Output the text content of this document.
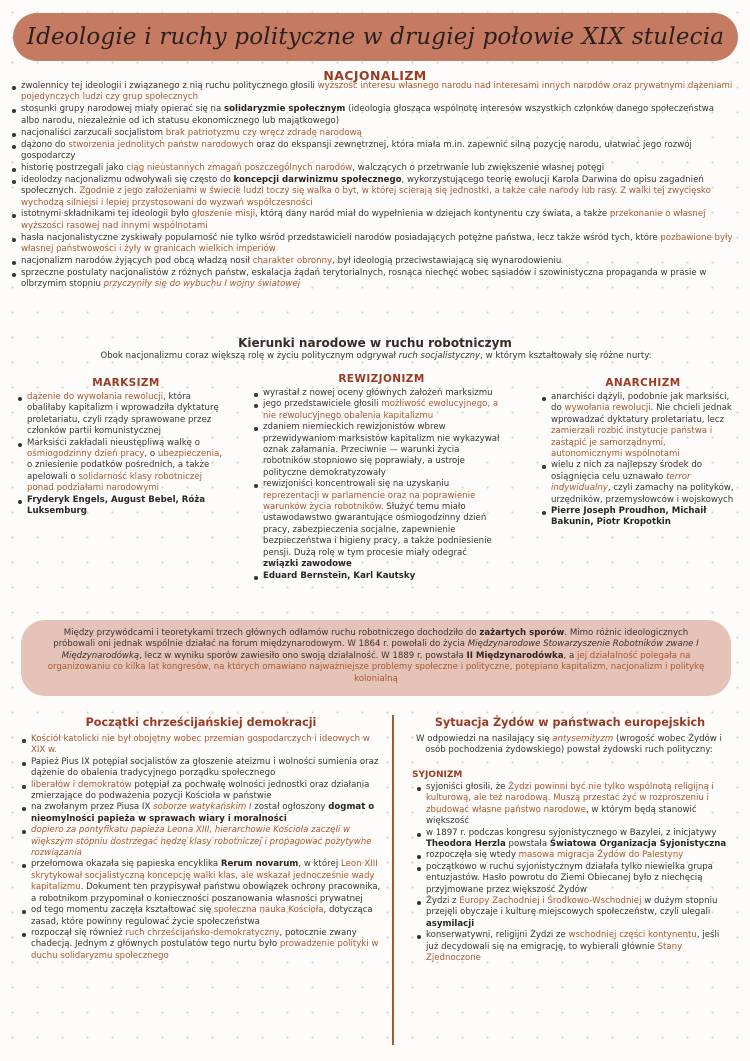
Ideologie i ruchy polityczne w drugiej połowie XIX stulecia
NACJONALIZM
zwolennicy tej ideologii i związanego z nią ruchu politycznego głosili wyższość interesu własnego narodu nad interesami innych narodów oraz prywatnymi dążeniami pojedynczych ludzi czy grup społecznych
stosunki grupy narodowej miały opierać się na solidaryzmie społecznym (ideologia głosząca wspólnotę interesów wszystkich członków danego społeczeństwa albo narodu, niezależnie od ich statusu ekonomicznego lub majątkowego)
nacjonaliści zarzucali socjalistom brak patriotyzmu czy wręcz zdradę narodową
dążono do stworzenia jednolitych państw narodowych oraz do ekspansji zewnętrznej, która miała m.in. zapewnić silną pozycję narodu, ułatwiać jego rozwój gospodarczy
historię postrzegali jako ciąg nieustannych zmagań poszczególnych narodów, walczących o przetrwanie lub zwiększenie własnej potęgi
ideolodzy nacjonalizmu odwoływali się często do koncepcji darwinizmu społecznego, wykorzystującego teorię ewolucji Karola Darwina do opisu zagadnień społecznych. Zgodnie z jego założeniami w świecie ludzi toczy się walka o byt, w której scierają się jednostki, a także całe narody lub rasy. Z walki tej zwycięsko wychodzą silniejsi i lepiej przystosowani do wyzwań współczesności
istotnymi składnikami tej ideologii było głoszenie misji, którą dany naród miał do wypełnienia w dziejach kontynentu czy świata, a także przekonanie o własnej wyższości rasowej nad innymi wspólnotami
hasła nacjonalistyczne zyskiwały popularność nie tylko wśród przedstawicieli narodów posiadających potężne państwa, lecz także wśród tych, które pozbawione były własnej państwowości i żyły w granicach wielkich imperiów
nacjonalizm narodów żyjących pod obcą władzą nosił charakter obronny, był ideologią przeciwstawiającą się wynarodowieniu
sprzeczne postulaty nacjonalistów z różnych państw, eskalacja żądań terytorialnych, rosnąca niechęć wobec sąsiadów i szowinistyczna propaganda w prasie w olbrzymim stopniu przyczyniły się do wybuchu I wojny światowej
Kierunki narodowe w ruchu robotniczym
Obok nacjonalizmu coraz większą rolę w życiu politycznym odgrywał ruch socjalistyczny, w którym kształtowały się różne nurty:
MARKSIZM
dążenie do wywołania rewolucji, która obaliłaby kapitalizm i wprowadziła dyktaturę proletariatu, czyli rządy sprawowane przez członków partii komunistycznej
Marksiści zakładali nieustępliwą walkę o ośmiogodzinny dzień pracy, o ubezpieczenia, o zniesienie podatków pośrednich, a także apelowali o solidarność klasy robotniczej ponad podziałami narodowymi
Fryderyk Engels, August Bebel, Róża Luksemburg
REWIZJONIZM
wyrastał z nowej oceny głównych założeń marksizmu
jego przedstawiciele głosili możliwość ewolucyjnego, a nie rewolucyjnego obalenia kapitalizmu
zdaniem niemieckich rewizjonistów wbrew przewidywaniom marksistów kapitalizm nie wykazywał oznak załamania. Przeciwnie — warunki życia robotników stopniowo się poprawiały, a ustroje polityczne demokratyzowały
rewizjoniści koncentrowali się na uzyskaniu reprezentacji w parlamencie oraz na poprawienie warunków życia robotników. Służyć temu miało ustawodawstwo gwarantujące ośmiogodzinny dzień pracy, zabezpieczenia socjalne, zapewnienie bezpieczeństwa i higieny pracy, a także podniesienie pensji. Dużą rolę w tym procesie miały odegrać związki zawodowe
Eduard Bernstein, Karl Kautsky
ANARCHIZM
anarchiści dążyli, podobnie jak marksiści, do wywołania rewolucji. Nie chcieli jednak wprowadzać dyktatury proletariatu, lecz zamierzali rozbić instytucje państwa i zastąpić je samorządnymi, autonomicznymi wspólnotami
wielu z nich za najlepszy środek do osiągnięcia celu uznawało terror indywidualny, czyli zamachy na polityków, urzędników, przemysłowców i wojskowych
Pierre Joseph Proudhon, Michaił Bakunin, Piotr Kropotkin
Między przywódcami i teoretykami trzech głównych odłamów ruchu robotniczego dochodziło do zażartych sporów. Mimo różnic ideologicznych próbowali oni jednak wspólnie działać na forum międzynarodowym. W 1864 r. powołali do życia Międzynarodowe Stowarzyszenie Robotników zwane I Międzynarodówką, lecz w wyniku sporów zawiesiło ono swoją działalność. W 1889 r. powstała II Międzynarodówka, a jej działalność polegała na organizowaniu co kilka lat kongresów, na których omawiano najważniejsze problemy społeczne i polityczne, potępiano kapitalizm, nacjonalizm i politykę kolonialną
Początki chrześcijańskiej demokracji
Kościół katolicki nie był obojętny wobec przemian gospodarczych i ideowych w XIX w.
Papież Pius IX potępiał socjalistów za głoszenie ateizmu i wolności sumienia oraz dążenie do obalenia tradycyjnego porządku społecznego
liberałów i demokratów potępiał za pochwałę wolności jednostki oraz działania zmierzające do podważenia pozycji Kościoła w państwie
na zwołanym przez Piusa IX soborze watykańskim I został ogłoszony dogmat o nieomylności papieża w sprawach wiary i moralności
dopiero za pontyfikatu papieża Leona XIII, hierarchowie Kościoła zaczęli w większym stopniu dostrzegać nędzę klasy robotniczej i propagować pozytywne rozwiązania
przełomowa okazała się papieska encyklika Rerum novarum, w której Leon XIII skrytykował socjalistyczną koncepcję walki klas, ale wskazał jednocześnie wady kapitalizmu. Dokument ten przypisywał państwu obowiązek ochrony pracownika, a robotnikom przypominał o konieczności poszanowania własności prywatnej
od tego momentu zaczęła kształtować się społeczna nauka Kościoła, dotycząca zasad, które powinny regulować życie społeczeństwa
rozpoczął się również ruch chrześcijańsko-demokratyczny, potocznie zwany chadecją. Jednym z głównych postulatów tego nurtu było prowadzenie polityki w duchu solidaryzmu społecznego
Sytuacja Żydów w państwach europejskich
W odpowiedzi na nasilający się antysemityzm (wrogość wobec Żydów i osób pochodzenia żydowskiego) powstał żydowski ruch polityczny:
SYJONIZM
syjoniści głosili, że Żydzi powinni być nie tylko wspólnotą religijną i kulturową, ale też narodową. Muszą przestać żyć w rozproszeniu i zbudować własne państwo narodowe, w którym będą stanowić większość
w 1897 r. podczas kongresu syjonistycznego w Bazylei, z inicjatywy Theodora Herzla powstała Światowa Organizacja Syjonistyczna
rozpoczęła się wtedy masowa migracja Żydów do Palestyny
początkowo w ruchu syjonistycznym działała tylko niewielka grupa entuzjastów. Hasło powrotu do Ziemi Obiecanej było z niechęcią przyjmowane przez większość Żydów
Żydzi z Europy Zachodniej i Środkowo-Wschodniej w dużym stopniu przejęli obyczaje i kulturę miejscowych społeczeństw, czyli ulegali asymilacji
konserwatywni, religijni Żydzi ze wschodniej części kontynentu, jeśli już decydowali się na emigrację, to wybierali głównie Stany Zjednoczone
